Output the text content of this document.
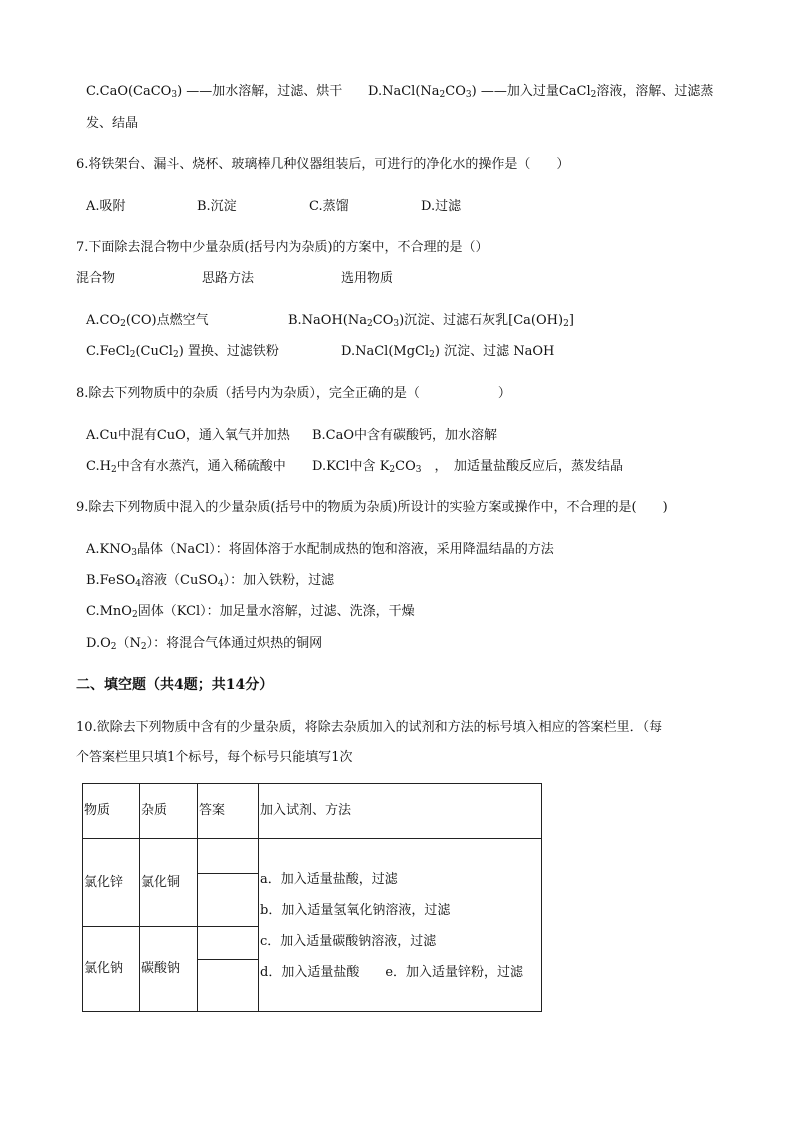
C.CaO(CaCO$_3$) ——加水溶解，过滤、烘干 $D.NaCl(Na_2CO_3)$ ——加入过量CaCl$_2$溶液，溶解、过滤蒸
发、结晶
6.将铁架台、漏斗、烧杯、玻璃棒几种仪器组装后，可进行的净化水的操作是（　　）
A.吸附	B.沉淀	C.蒸馏	D.过滤
7.下面除去混合物中少量杂质(括号内为杂质)的方案中，不合理的是（）
混合物	思路方法	选用物质
$A.CO_2(CO)$点燃空气	$B.NaOH(Na_2CO_3)$沉淀、过滤石灰乳$[Ca(OH)_2]$
C.FeCl$_2$(CuCl$_2$) 置换、过滤铁粉	D.NaCl(MgCl$_2$) 沉淀、过滤 NaOH
8.除去下列物质中的杂质（括号内为杂质），完全正确的是（　　　　　　）
A.Cu中混有CuO，通入氧气并加热 B.CaO中含有碳酸钙，加水溶解
$C.H_2$中含有水蒸汽，通入稀硫酸中 D.KCl中含 $K_2CO_3$　，　加适量盐酸反应后，蒸发结晶
9.除去下列物质中混入的少量杂质(括号中的物质为杂质)所设计的实验方案或操作中，不合理的是(　　)
$A.KNO_3$晶体（NaCl）：将固体溶于水配制成热的饱和溶液，采用降温结晶的方法
B.FeSO$_4$溶液（CuSO$_4$）：加入铁粉，过滤
C.MnO$_2$固体（KCl）：加足量水溶解，过滤、洗涤，干燥
$D.O_2(N_2)$：将混合气体通过炽热的铜网
二、填空题（共4题；共14分）
10.欲除去下列物质中含有的少量杂质，将除去杂质加入的试剂和方法的标号填入相应的答案栏里．（每
个答案栏里只填1个标号，每个标号只能填写1次
物质 杂质 答案	加入试剂、方法
氯化锌 氯化铜
氯化钠 碳酸钠
a．加入适量盐酸，过滤
b．加入适量氢氧化钠溶液，过滤
c．加入适量碳酸钠溶液，过滤
d．加入适量盐酸　　e．加入适量锌粉，过滤
